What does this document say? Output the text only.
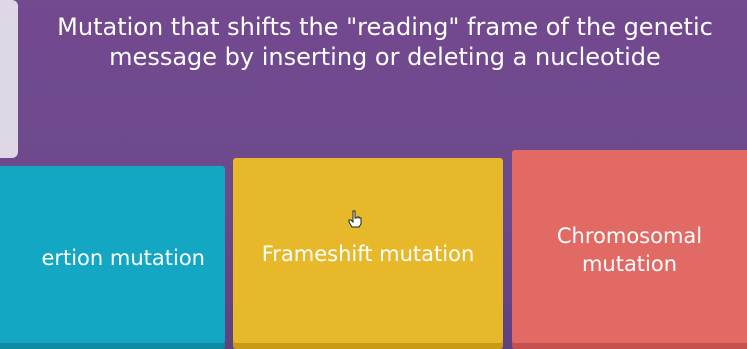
Mutation that shifts the "reading" frame of the genetic message by inserting or deleting a nucleotide
ertion mutation	Frameshift mutation
Chromosomal mutation
